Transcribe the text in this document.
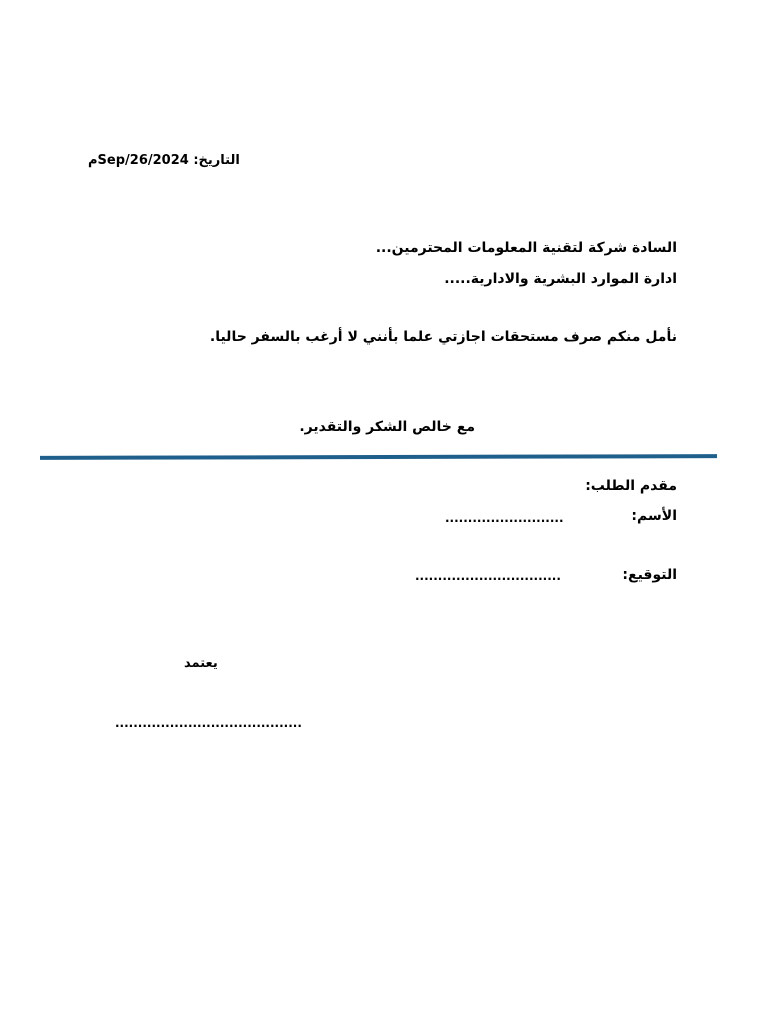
التاريخ: 26/2024/Sepم
السادة شركة لتقنية المعلومات المحترمين...
ادارة الموارد البشرية والادارية.....
نأمل منكم صرف مستحقات اجازتي علما بأنني لا أرغب بالسفر حاليا.
مع خالص الشكر والتقدير.
مقدم الطلب:
الأسم:
..........................
التوقيع:
................................
يعتمد
.........................................
